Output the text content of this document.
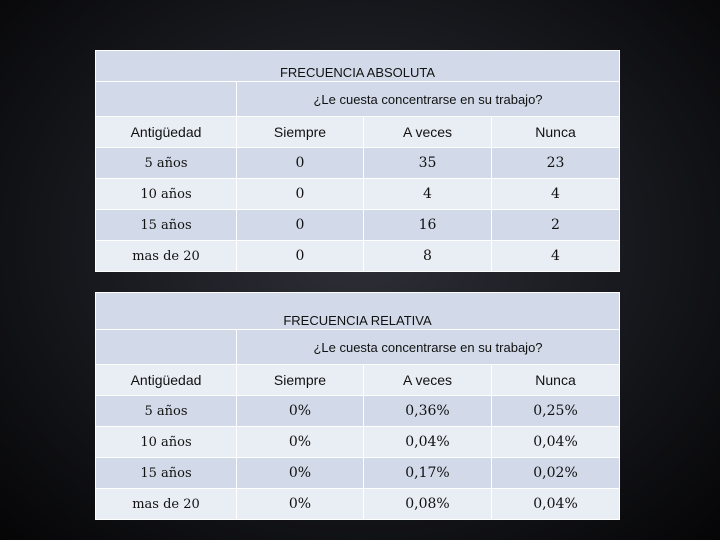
FRECUENCIA ABSOLUTA			
	¿Le cuesta concentrarse en su trabajo?		
Antigüedad	Siempre	A veces	Nunca
5 años	0	35	23
10 años	0	4	4
15 años	0	16	2
mas de 20	0	8	4
FRECUENCIA RELATIVA			
	¿Le cuesta concentrarse en su trabajo?		
Antigüedad	Siempre	A veces	Nunca
5 años	0%	0,36%	0,25%
10 años	0%	0,04%	0,04%
15 años	0%	0,17%	0,02%
mas de 20	0%	0,08%	0,04%
